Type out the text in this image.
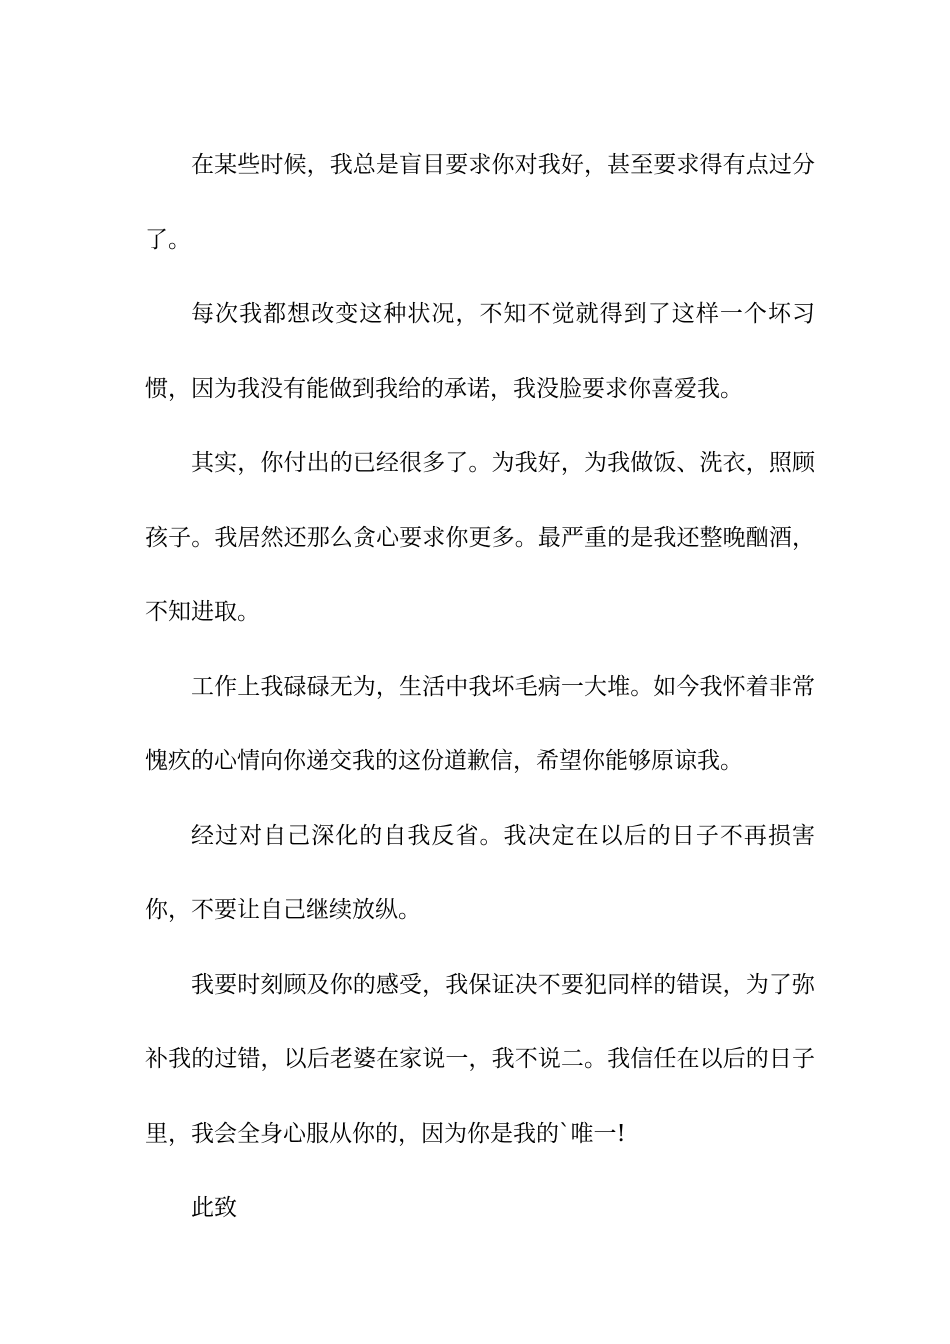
在某些时候，我总是盲目要求你对我好，甚至要求得有点过分了。

每次我都想改变这种状况，不知不觉就得到了这样一个坏习惯，因为我没有能做到我给的承诺，我没脸要求你喜爱我。

其实，你付出的已经很多了。为我好，为我做饭、洗衣，照顾孩子。我居然还那么贪心要求你更多。最严重的是我还整晚酗酒，不知进取。

工作上我碌碌无为，生活中我坏毛病一大堆。如今我怀着非常愧疚的心情向你递交我的这份道歉信，希望你能够原谅我。

经过对自己深化的自我反省。我决定在以后的日子不再损害你，不要让自己继续放纵。

我要时刻顾及你的感受，我保证决不要犯同样的错误，为了弥补我的过错，以后老婆在家说一，我不说二。我信任在以后的日子里，我会全身心服从你的，因为你是我的`唯一!

此致
